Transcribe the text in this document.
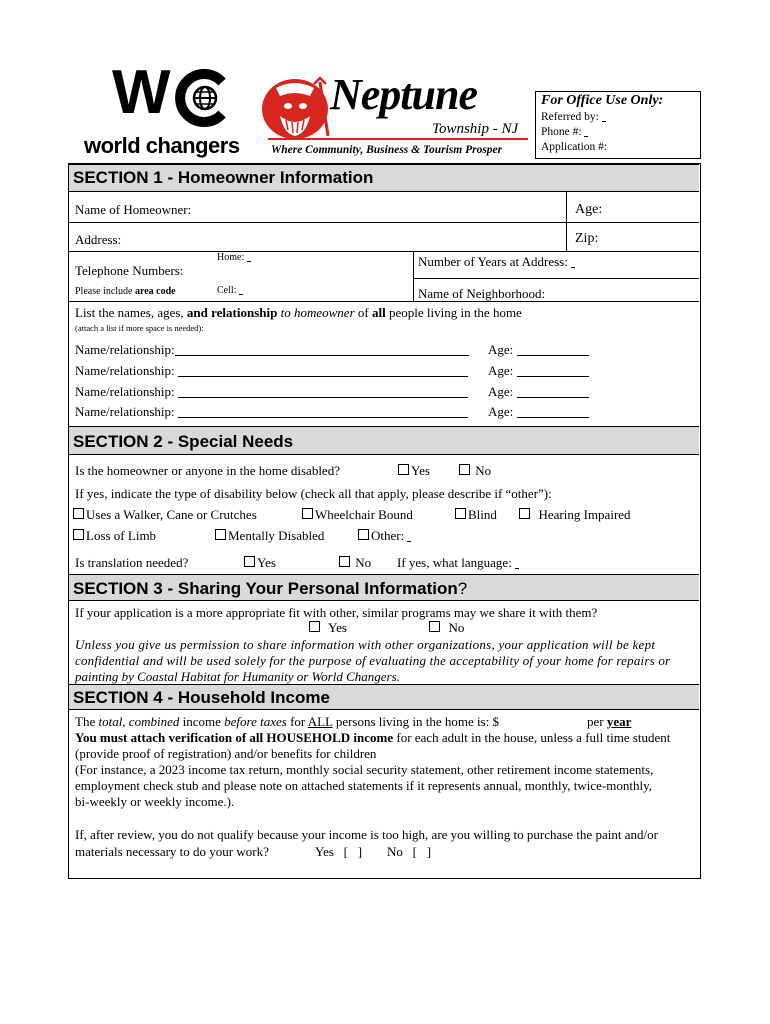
W
world changers
Neptune
Township - NJ
Where Community, Business & Tourism Prosper
For Office Use Only:
Referred by:
Phone #:
Application #:
SECTION 1 - Homeowner Information
Name of Homeowner:	Age:
Address:	Zip:
Telephone Numbers:
Home:	Number of Years at Address:
Please include area code	Cell:	Name of Neighborhood:
List the names, ages, and relationship to homeowner of all people living in the home
(attach a list if more space is needed):
Name/relationship:	Age:
Name/relationship:	Age:
Name/relationship:	Age:
Name/relationship:	Age:
SECTION 2 - Special Needs
Is the homeowner or anyone in the home disabled?	Yes	No
If yes, indicate the type of disability below (check all that apply, please describe if “other”):
Uses a Walker, Cane or Crutches	Wheelchair Bound	Blind	Hearing Impaired
Loss of Limb	Mentally Disabled	Other:
Is translation needed?	Yes	No If yes, what language:
SECTION 3 - Sharing Your Personal Information?
If your application is a more appropriate fit with other, similar programs may we share it with them?
Yes	No
Unless you give us permission to share information with other organizations, your application will be kept
confidential and will be used solely for the purpose of evaluating the acceptability of your home for repairs or
painting by Coastal Habitat for Humanity or World Changers.
SECTION 4 - Household Income
The total, combined income before taxes for ALL persons living in the home is: $	per year
You must attach verification of all HOUSEHOLD income for each adult in the house, unless a full time student
(provide proof of registration) and/or benefits for children
(For instance, a 2023 income tax return, monthly social security statement, other retirement income statements,
employment check stub and please note on attached statements if it represents annual, monthly, twice-monthly,
bi-weekly or weekly income.).
If, after review, you do not qualify because your income is too high, are you willing to purchase the paint and/or
materials necessary to do your work?	Yes   [   ] No   [   ]
